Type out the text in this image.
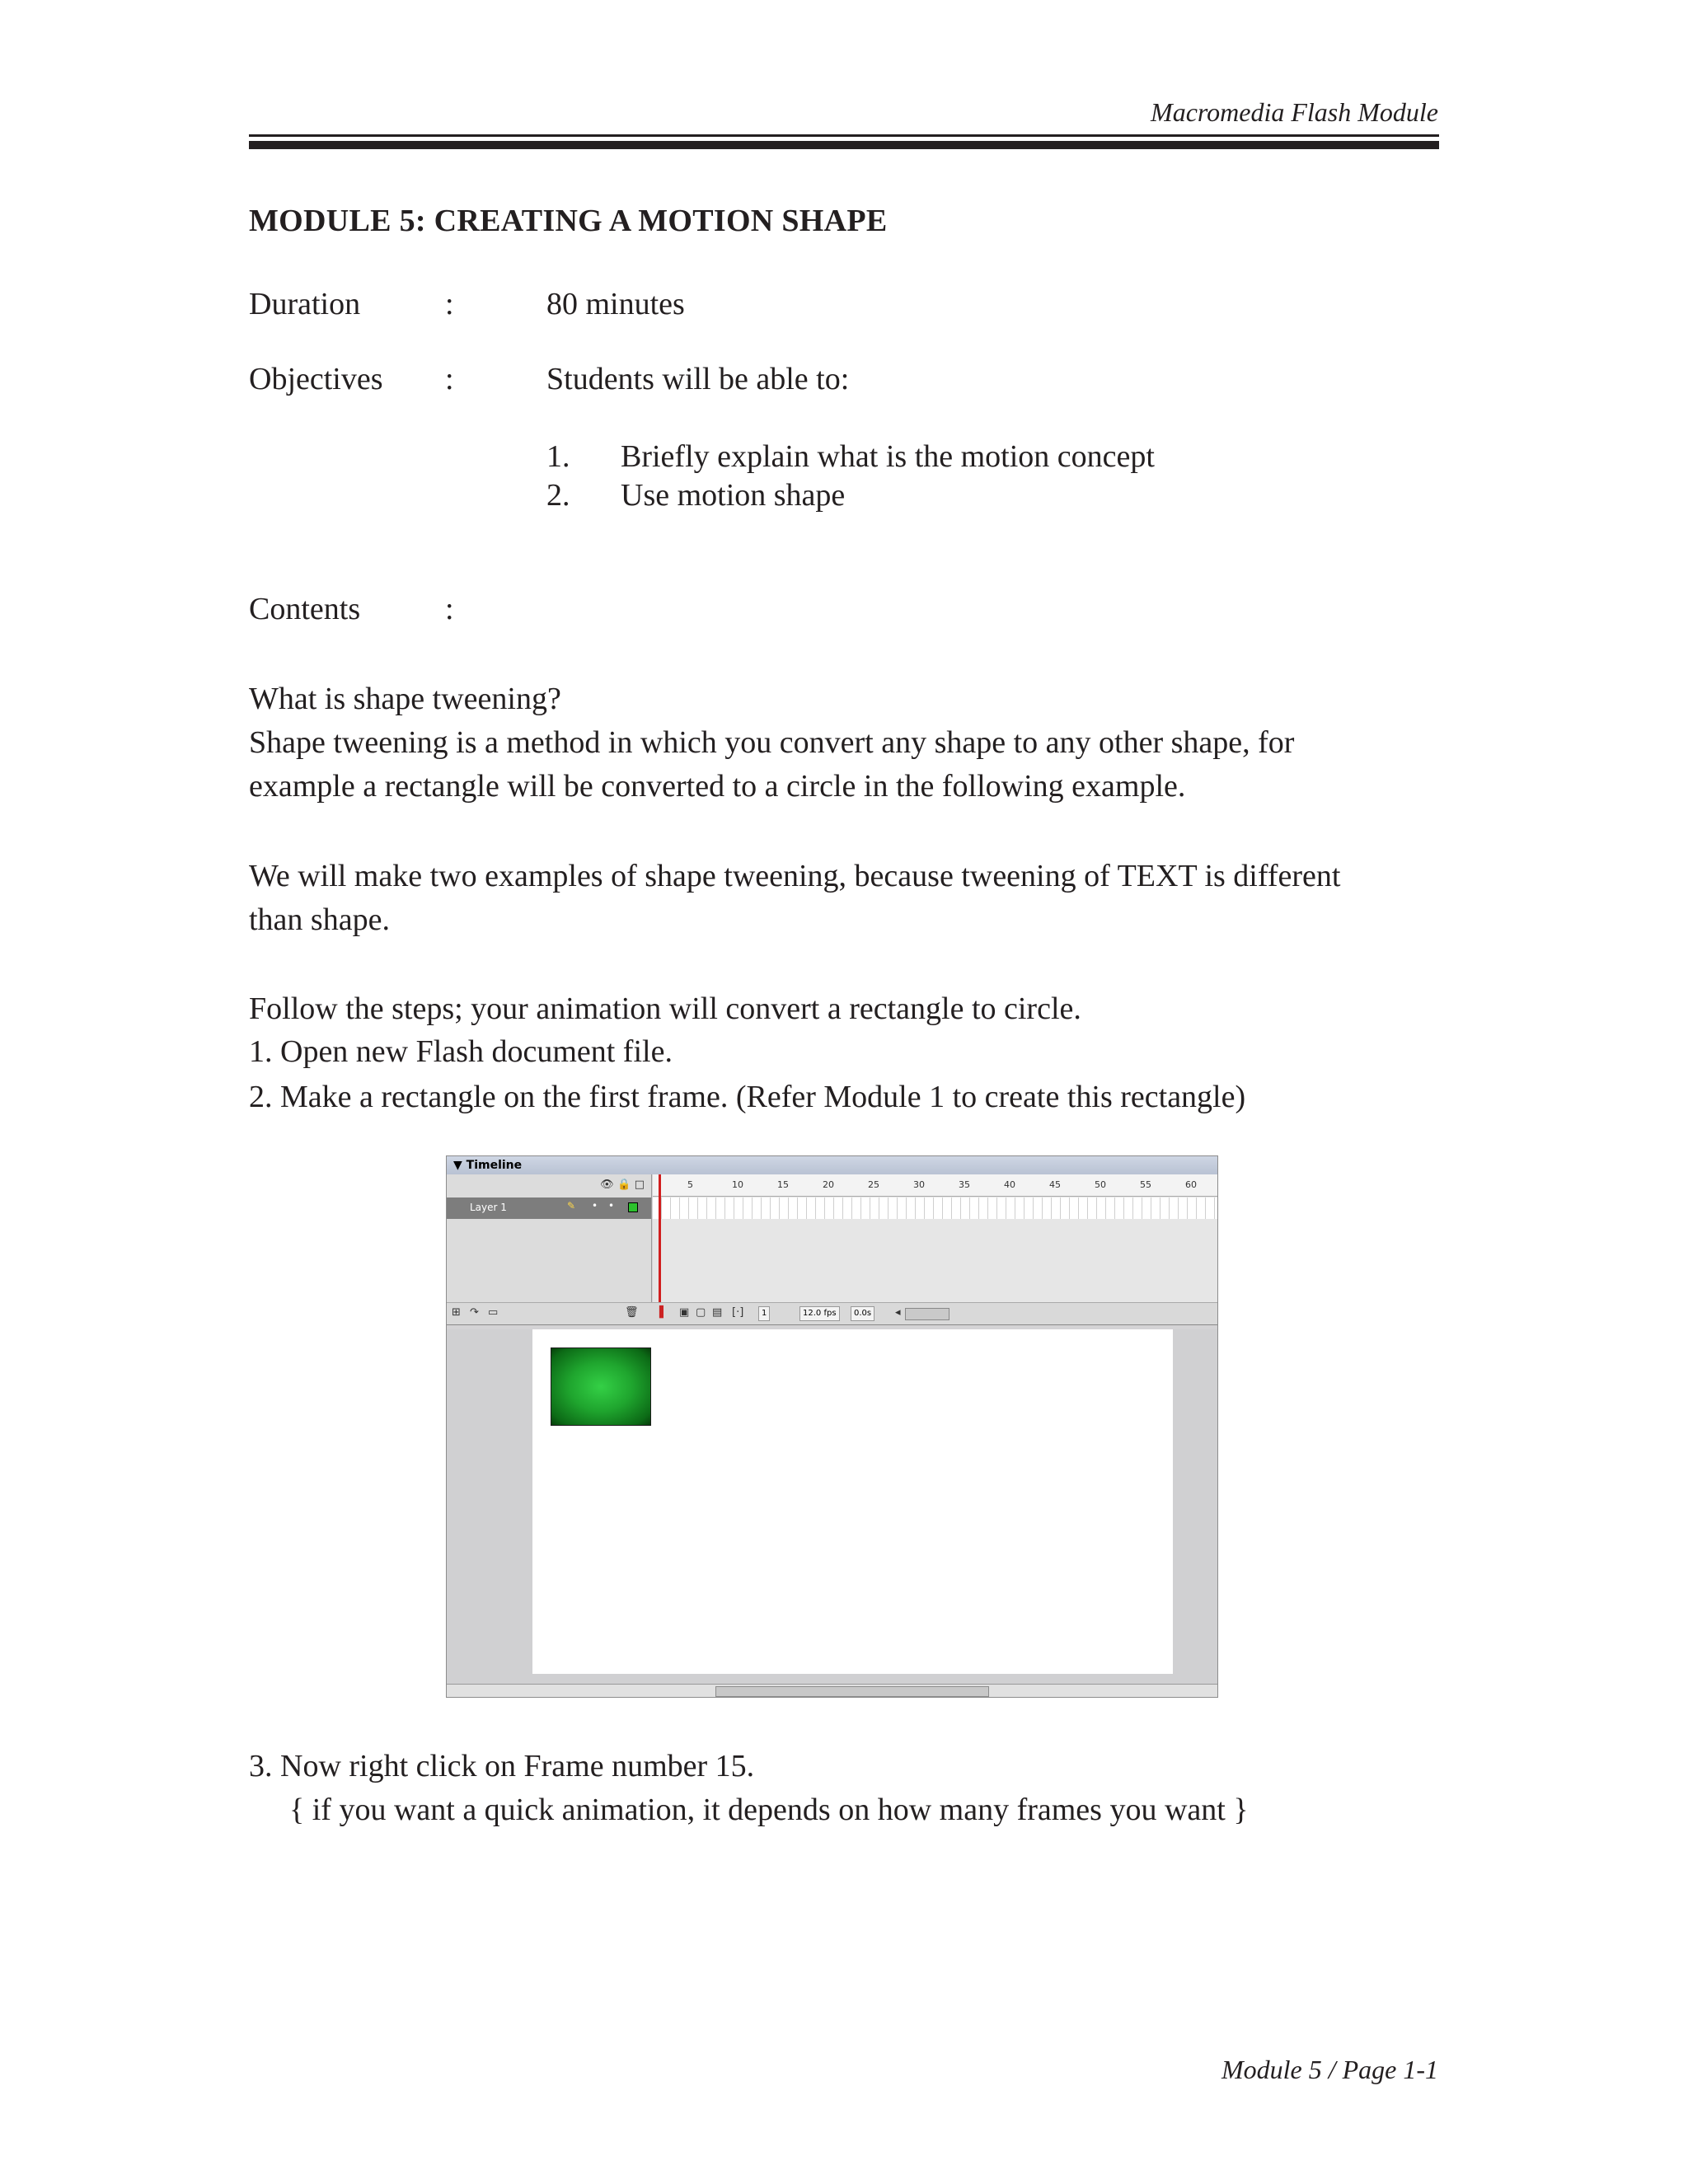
Macromedia Flash Module
MODULE 5: CREATING A MOTION SHAPE
Duration	:	80 minutes
Objectives :	Students will be able to:
1. Briefly explain what is the motion concept
2. Use motion shape
Contents	:
What is shape tweening?
Shape tweening is a method in which you convert any shape to any other shape, for
example a rectangle will be converted to a circle in the following example.
We will make two examples of shape tweening, because tweening of TEXT is different
than shape.
Follow the steps; your animation will convert a rectangle to circle.
1. Open new Flash document file.
2. Make a rectangle on the first frame. (Refer Module 1 to create this rectangle)
▼ Timeline
👁 🔒 □
Layer 1	✎ • •
5	10	15	20	25	30	35	40	45	50	55	60
⊞ ↷ ▭	🗑 ▌ ▣ ▢ ▤ [·]	1	12.0 fps	0.0s	◂
3. Now right click on Frame number 15.
{ if you want a quick animation, it depends on how many frames you want }
Module 5 / Page 1-1
